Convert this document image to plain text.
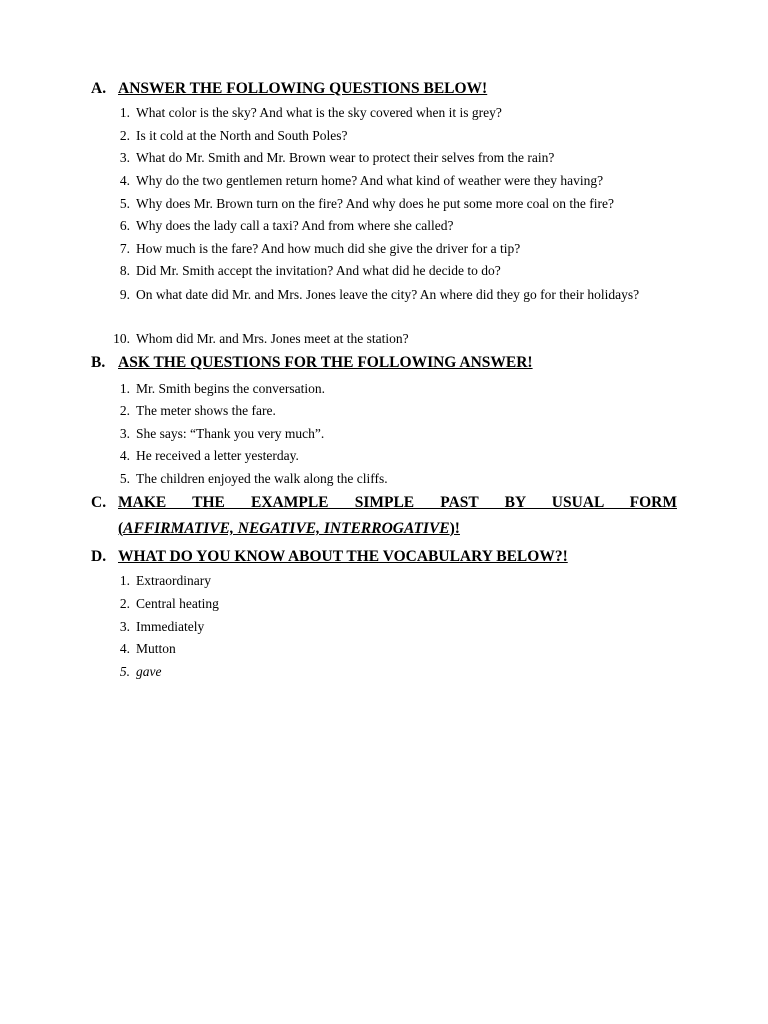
A. ANSWER THE FOLLOWING QUESTIONS BELOW!
1. What color is the sky? And what is the sky covered when it is grey?
2. Is it cold at the North and South Poles?
3. What do Mr. Smith and Mr. Brown wear to protect their selves from the rain?
4. Why do the two gentlemen return home? And what kind of weather were they having?
5. Why does Mr. Brown turn on the fire? And why does he put some more coal on the fire?
6. Why does the lady call a taxi? And from where she called?
7. How much is the fare? And how much did she give the driver for a tip?
8. Did Mr. Smith accept the invitation? And what did he decide to do?
9. On what date did Mr. and Mrs. Jones leave the city? An where did they go for their holidays?
10. Whom did Mr. and Mrs. Jones meet at the station?
B. ASK THE QUESTIONS FOR THE FOLLOWING ANSWER!
1. Mr. Smith begins the conversation.
2. The meter shows the fare.
3. She says: “Thank you very much”.
4. He received a letter yesterday.
5. The children enjoyed the walk along the cliffs.
C. MAKE THE EXAMPLE SIMPLE PAST BY USUAL FORM
(AFFIRMATIVE, NEGATIVE, INTERROGATIVE)!
D. WHAT DO YOU KNOW ABOUT THE VOCABULARY BELOW?!
1. Extraordinary
2. Central heating
3. Immediately
4. Mutton
5. gave
